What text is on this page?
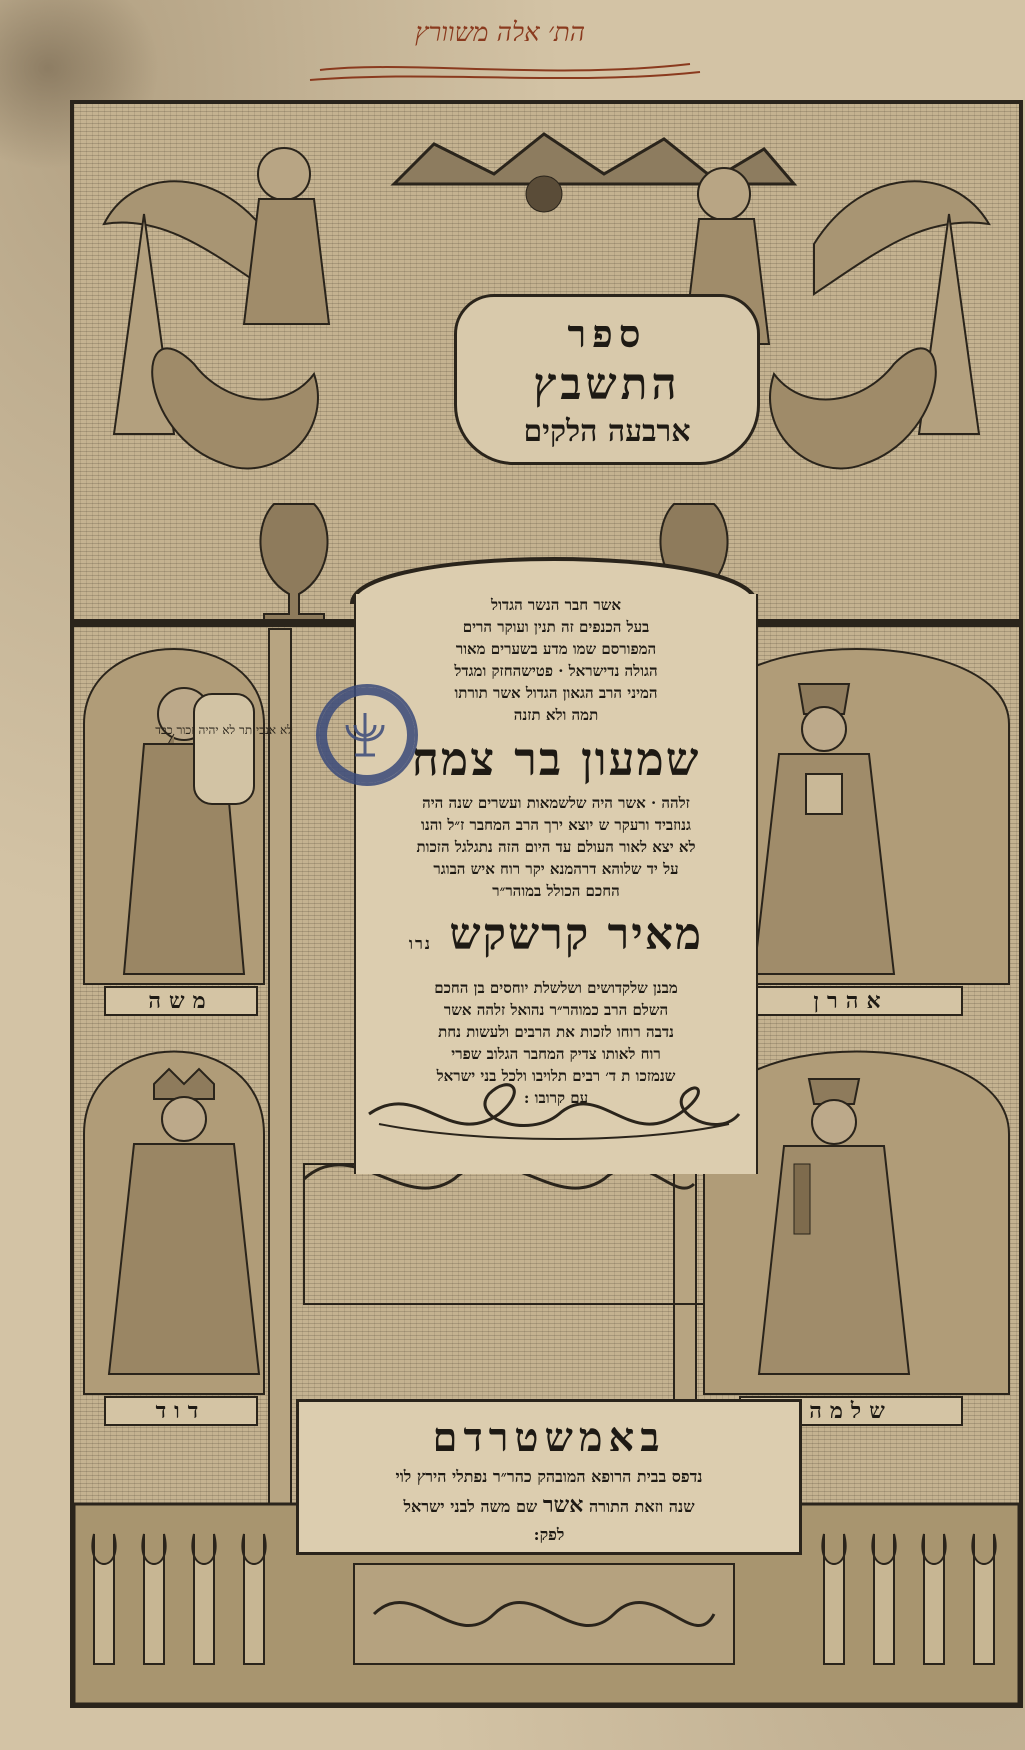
הת׳ אלה משוורץ
לא אנכי תר לא יהיה זכור כבד
משה	אהרן
דוד	שלמה
ספר
התשבץ
ארבעה הלקים
אשר חבר הנשר הגדול
בעל הכנפים זה תנין ועוקר הרים
המפורסם שמו מדע בשערים מאור
הגולה נדישראל · פטישהחזק ומגדל
המיני הרב הגאון הגדול אשר תורתו
תמה ולא תזנה
שמעון בר צמח
זלהה · אשר היה שלשמאות ועשרים שנה היה
גנוזביד ורעקר ש יוצא ירך הרב המחבר ז״ל והנו
לא יצא לאור העולם עד היום הזה נתגלגל הזכות
על יד שלוהא דרהמנא יקר רוח איש הבוגר
החכם הכולל במוהר״ר
מאיר קרשקש נרו
מבנן שלקדושים ושלשלת יוחסים בן החכם
השלם הרב כמוהר״ר נהואל זלהה אשר
נדבה רוחו לזכות את הרבים ולעשות נחת
רוח לאותו צדיק המחבר הגלוב שפרי
שנמזכו ת ד׳ רבים תלויבו ולכל בני ישראל
עם קרובו :
באמשטרדם
נדפס בבית הרופא המובהק כהר״ר נפתלי הירץ לוי
שנה וזאת התורה אשר שם משה לבני ישראל
לפק:
